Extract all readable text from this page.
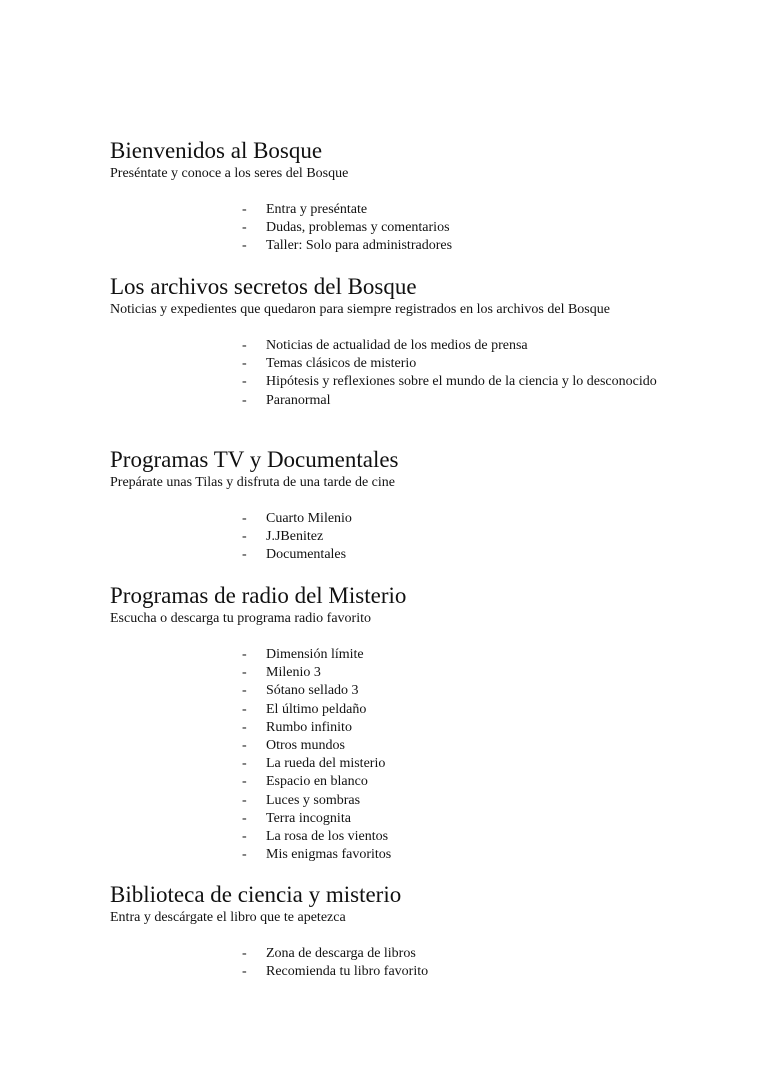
Bienvenidos al Bosque

Preséntate y conoce a los seres del Bosque

- Entra y preséntate
- Dudas, problemas y comentarios
- Taller: Solo para administradores
Los archivos secretos del Bosque

Noticias y expedientes que quedaron para siempre registrados en los archivos del Bosque

- Noticias de actualidad de los medios de prensa
- Temas clásicos de misterio
- Hipótesis y reflexiones sobre el mundo de la ciencia y lo desconocido
- Paranormal
Programas TV y Documentales

Prepárate unas Tilas y disfruta de una tarde de cine

- Cuarto Milenio
- J.JBenitez
- Documentales
Programas de radio del Misterio

Escucha o descarga tu programa radio favorito

- Dimensión límite
- Milenio 3
- Sótano sellado 3
- El último peldaño
- Rumbo infinito
- Otros mundos
- La rueda del misterio
- Espacio en blanco
- Luces y sombras
- Terra incognita
- La rosa de los vientos
- Mis enigmas favoritos
Biblioteca de ciencia y misterio

Entra y descárgate el libro que te apetezca

- Zona de descarga de libros
- Recomienda tu libro favorito
